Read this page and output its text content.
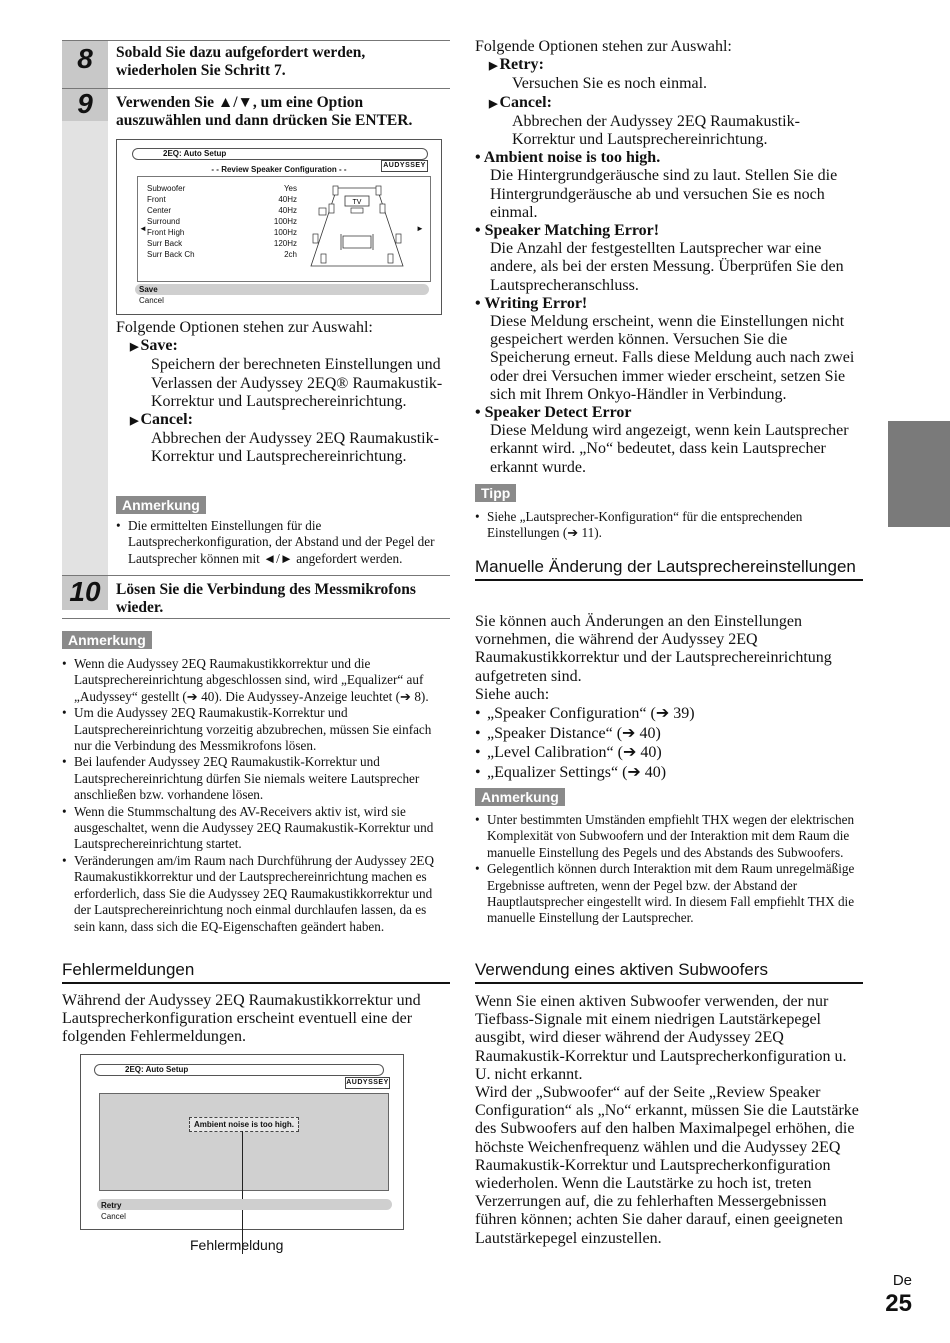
8	Sobald Sie dazu aufgefordert werden, wiederholen Sie Schritt 7.
9	Verwenden Sie ▲/▼, um eine Option auszuwählen und dann drücken Sie ENTER.
2EQ: Auto Setup
- - Review Speaker Configuration - -	AUDYSSEY
◄	►
Subwoofer	Yes
Front	40Hz
Center	40Hz
Surround	100Hz
Front High	100Hz
Surr Back	120Hz
Surr Back Ch	2ch
TV
Save
Cancel

Folgende Optionen stehen zur Auswahl:

▶ Save:

Speichern der berechneten Einstellungen und Verlassen der Audyssey 2EQ® Raumakustik-Korrektur und Lautsprechereinrichtung.

▶ Cancel:

Abbrechen der Audyssey 2EQ Raumakustik-Korrektur und Lautsprechereinrichtung.

Anmerkung
• Die ermittelten Einstellungen für die Lautsprecherkonfiguration, der Abstand und der Pegel der Lautsprecher können mit ◄/► angefordert werden.
10 Lösen Sie die Verbindung des Messmikrofons wieder.
Anmerkung
• Wenn die Audyssey 2EQ Raumakustikkorrektur und die Lautsprechereinrichtung abgeschlossen sind, wird „Equalizer“ auf „Audyssey“ gestellt (➔ 40). Die Audyssey-Anzeige leuchtet (➔ 8).
• Um die Audyssey 2EQ Raumakustik-Korrektur und Lautsprechereinrichtung vorzeitig abzubrechen, müssen Sie einfach nur die Verbindung des Messmikrofons lösen.
• Bei laufender Audyssey 2EQ Raumakustik-Korrektur und Lautsprechereinrichtung dürfen Sie niemals weitere Lautsprecher anschließen bzw. vorhandene lösen.
• Wenn die Stummschaltung des AV-Receivers aktiv ist, wird sie ausgeschaltet, wenn die Audyssey 2EQ Raumakustik-Korrektur und Lautsprechereinrichtung startet.
• Veränderungen am/im Raum nach Durchführung der Audyssey 2EQ Raumakustikkorrektur und der Lautsprechereinrichtung machen es erforderlich, dass Sie die Audyssey 2EQ Raumakustikkorrektur und der Lautsprechereinrichtung noch einmal durchlaufen lassen, da es sein kann, dass sich die EQ-Eigenschaften geändert haben.
Fehlermeldungen
Während der Audyssey 2EQ Raumakustikkorrektur und Lautsprecherkonfiguration erscheint eventuell eine der folgenden Fehlermeldungen.
2EQ: Auto Setup
AUDYSSEY
Ambient noise is too high.
Retry
Cancel
Fehlermeldung

Folgende Optionen stehen zur Auswahl:

▶ Retry:

Versuchen Sie es noch einmal.

▶ Cancel:

Abbrechen der Audyssey 2EQ Raumakustik-Korrektur und Lautsprechereinrichtung.

• Ambient noise is too high.

Die Hintergrundgeräusche sind zu laut. Stellen Sie die Hintergrundgeräusche ab und versuchen Sie es noch einmal.

• Speaker Matching Error!

Die Anzahl der festgestellten Lautsprecher war eine andere, als bei der ersten Messung. Überprüfen Sie den Lautsprecheranschluss.

• Writing Error!

Diese Meldung erscheint, wenn die Einstellungen nicht gespeichert werden können. Versuchen Sie die Speicherung erneut. Falls diese Meldung auch nach zwei oder drei Versuchen immer wieder erscheint, setzen Sie sich mit Ihrem Onkyo-Händler in Verbindung.

• Speaker Detect Error

Diese Meldung wird angezeigt, wenn kein Lautsprecher erkannt wird. „No“ bedeutet, dass kein Lautsprecher erkannt wurde.

Tipp
• Siehe „Lautsprecher-Konfiguration“ für die entsprechenden Einstellungen (➔ 11).
Manuelle Änderung der Lautsprechereinstellungen

Sie können auch Änderungen an den Einstellungen vornehmen, die während der Audyssey 2EQ Raumakustikkorrektur und der Lautsprechereinrichtung aufgetreten sind.

Siehe auch:

• „Speaker Configuration“ (➔ 39)
• „Speaker Distance“ (➔ 40)
• „Level Calibration“ (➔ 40)
• „Equalizer Settings“ (➔ 40)
Anmerkung
• Unter bestimmten Umständen empfiehlt THX wegen der elektrischen Komplexität von Subwoofern und der Interaktion mit dem Raum die manuelle Einstellung des Pegels und des Abstands des Subwoofers.
• Gelegentlich können durch Interaktion mit dem Raum unregelmäßige Ergebnisse auftreten, wenn der Pegel bzw. der Abstand der Hauptlautsprecher eingestellt wird. In diesem Fall empfiehlt THX die manuelle Einstellung der Lautsprecher.
Verwendung eines aktiven Subwoofers

Wenn Sie einen aktiven Subwoofer verwenden, der nur Tiefbass-Signale mit einem niedrigen Lautstärkepegel ausgibt, wird dieser während der Audyssey 2EQ Raumakustik-Korrektur und Lautsprecherkonfiguration u. U. nicht erkannt.

Wird der „Subwoofer“ auf der Seite „Review Speaker Configuration“ als „No“ erkannt, müssen Sie die Lautstärke des Subwoofers auf den halben Maximalpegel erhöhen, die höchste Weichenfrequenz wählen und die Audyssey 2EQ Raumakustik-Korrektur und Lautsprecherkonfiguration wiederholen. Wenn die Lautstärke zu hoch ist, treten Verzerrungen auf, die zu fehlerhaften Messergebnissen führen können; achten Sie daher darauf, einen geeigneten Lautstärkepegel einzustellen.

De
25
